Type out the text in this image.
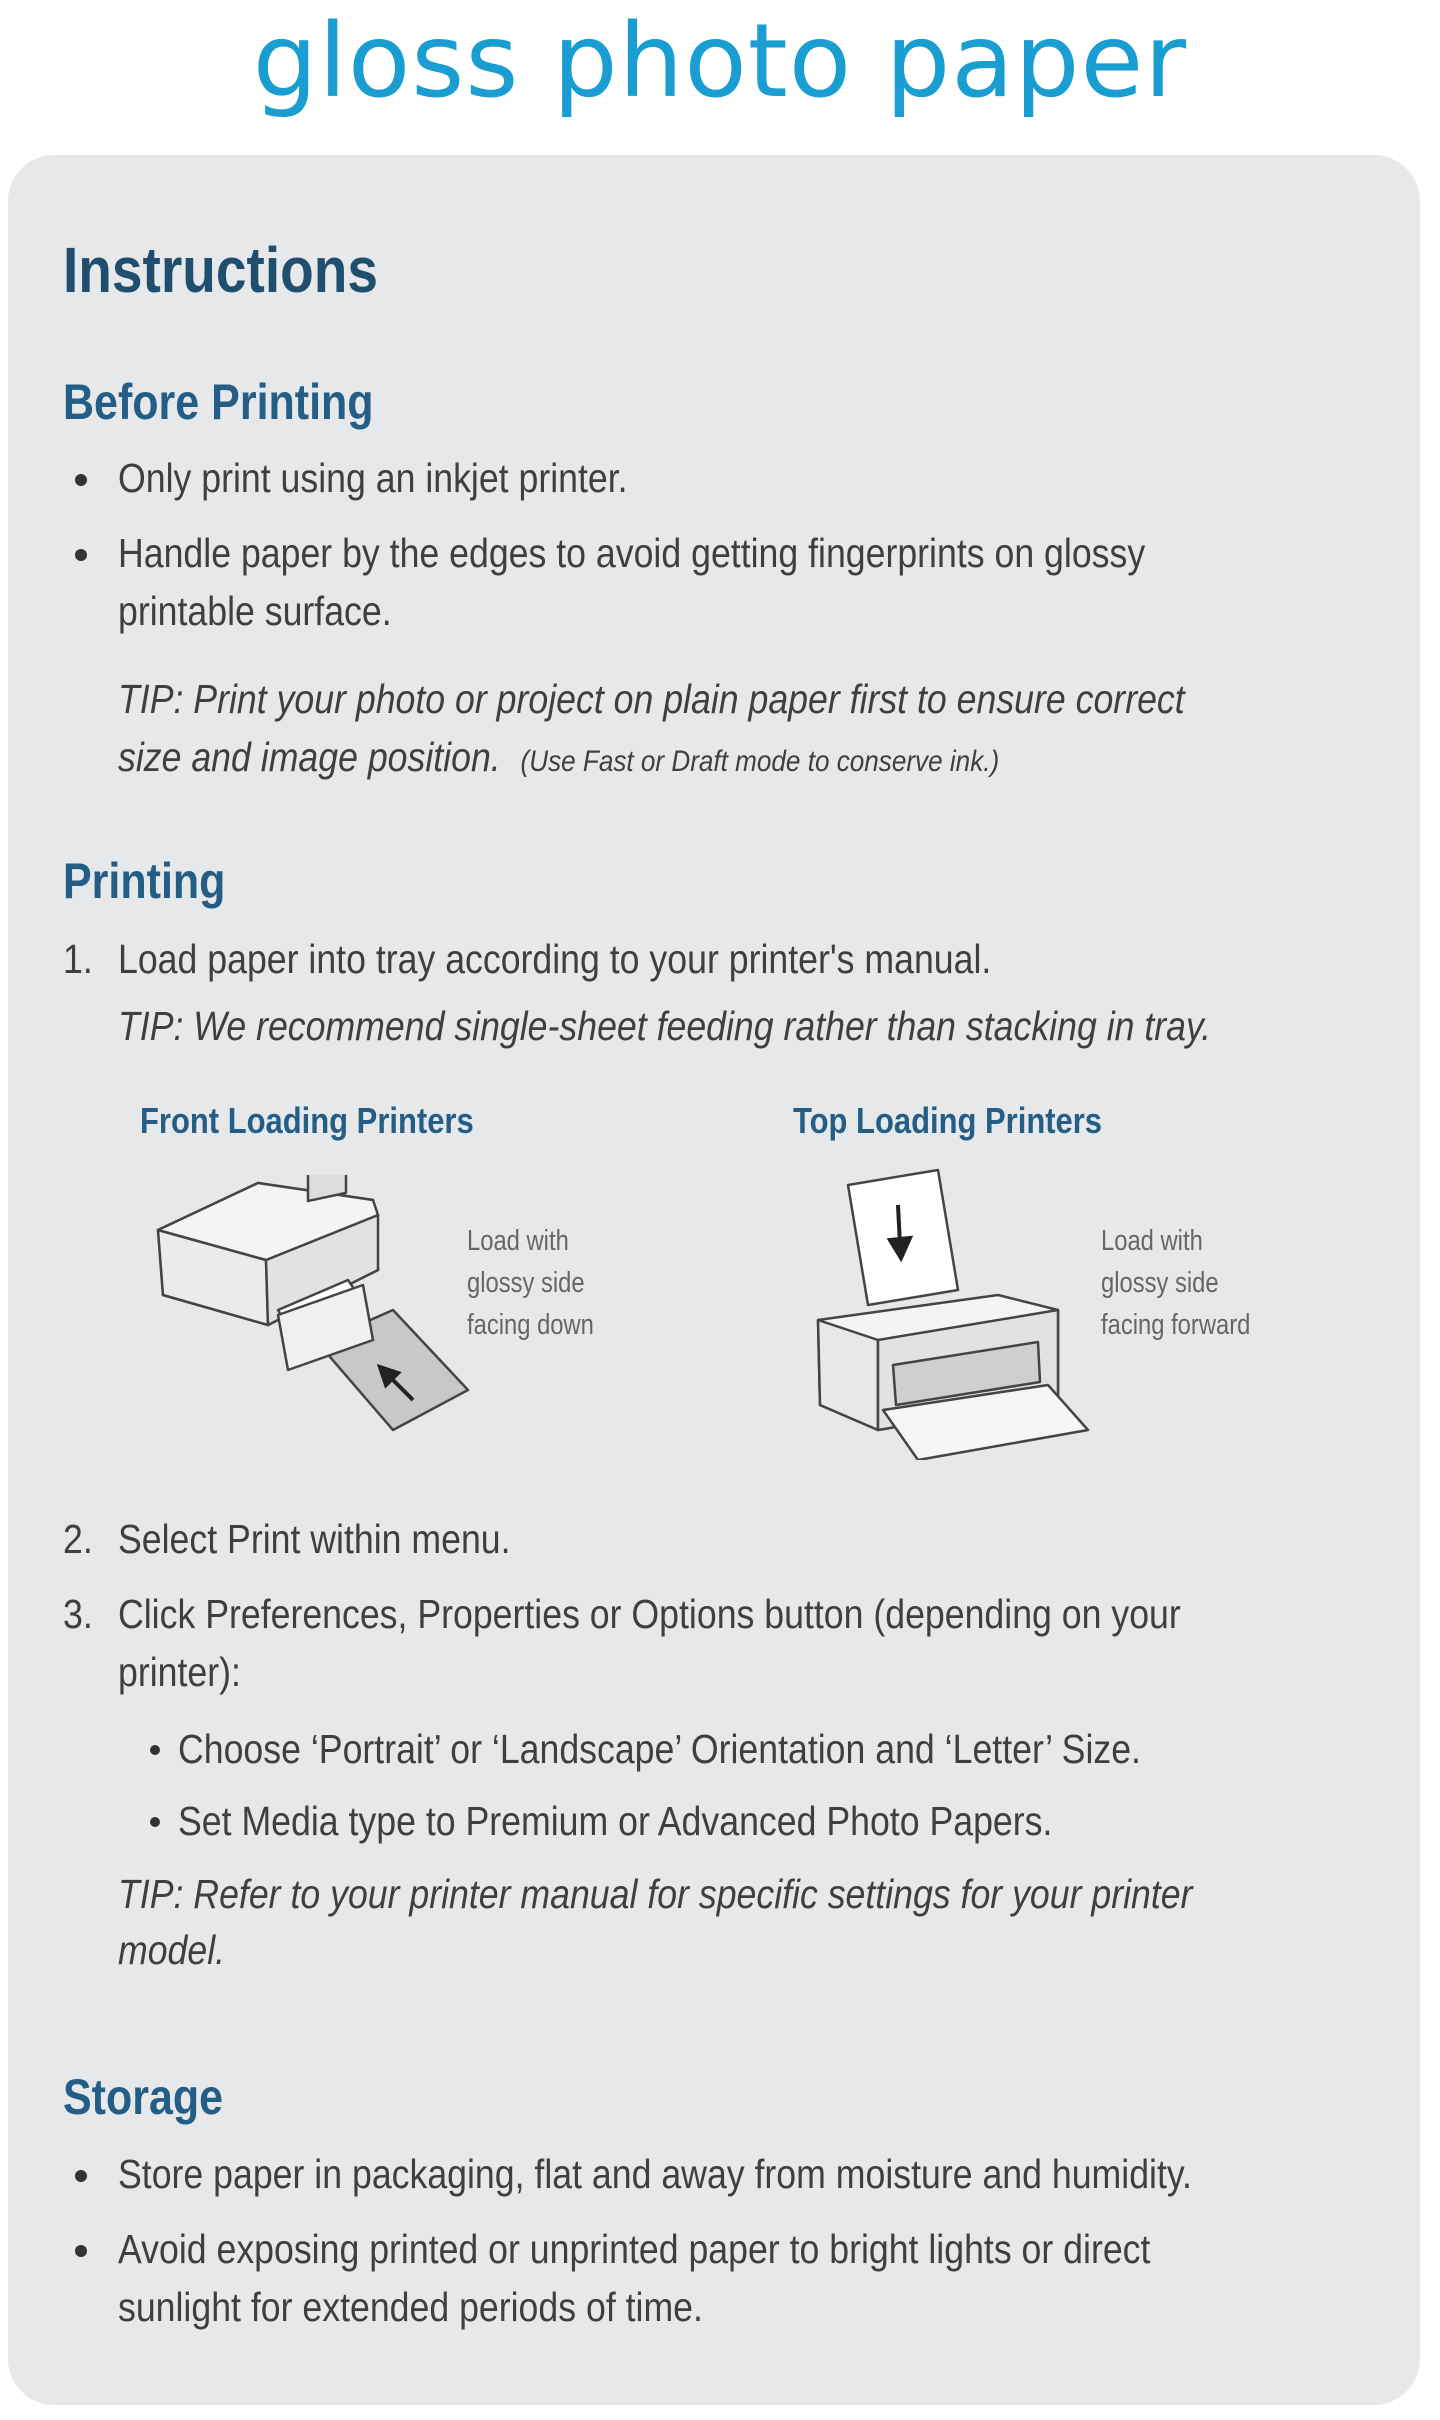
gloss photo paper
Instructions
Before Printing
Only print using an inkjet printer.
Handle paper by the edges to avoid getting fingerprints on glossy
printable surface.
TIP: Print your photo or project on plain paper first to ensure correct
size and image position. (Use Fast or Draft mode to conserve ink.)
Printing
1. Load paper into tray according to your printer's manual.
TIP: We recommend single-sheet feeding rather than stacking in tray.
Front Loading Printers	Top Loading Printers
Load with
glossy side
facing down
Load with
glossy side
facing forward
2. Select Print within menu.
3. Click Preferences, Properties or Options button (depending on your
printer):
Choose ‘Portrait’ or ‘Landscape’ Orientation and ‘Letter’ Size.
Set Media type to Premium or Advanced Photo Papers.
TIP: Refer to your printer manual for specific settings for your printer
model.
Storage
Store paper in packaging, flat and away from moisture and humidity.
Avoid exposing printed or unprinted paper to bright lights or direct
sunlight for extended periods of time.
